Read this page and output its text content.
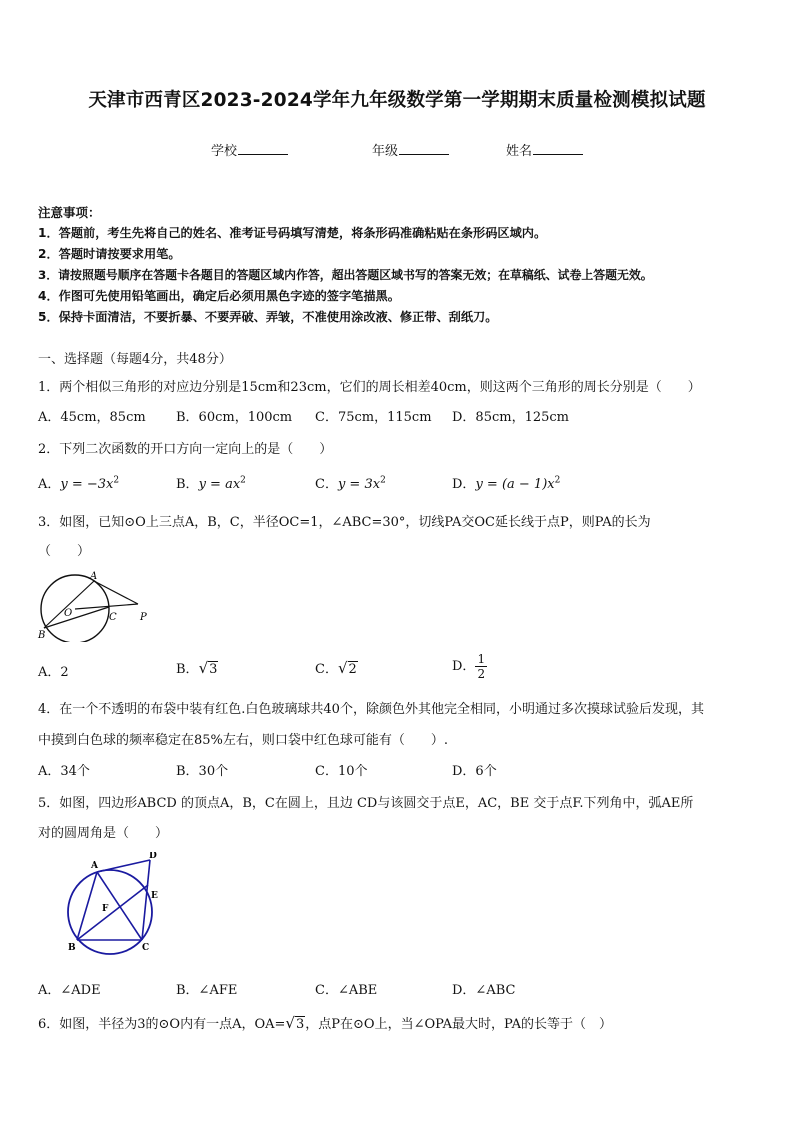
天津市西青区2023-2024学年九年级数学第一学期期末质量检测模拟试题
学校	年级	姓名
注意事项：
1．答题前，考生先将自己的姓名、准考证号码填写清楚，将条形码准确粘贴在条形码区域内。
2．答题时请按要求用笔。
3．请按照题号顺序在答题卡各题目的答题区域内作答，超出答题区域书写的答案无效；在草稿纸、试卷上答题无效。
4．作图可先使用铅笔画出，确定后必须用黑色字迹的签字笔描黑。
5．保持卡面清洁，不要折暴、不要弄破、弄皱，不准使用涂改液、修正带、刮纸刀。
一、选择题（每题4分，共48分）
1．两个相似三角形的对应边分别是15cm和23cm，它们的周长相差40cm，则这两个三角形的周长分别是（　　）
A．45cm，85cm B．60cm，100cm C．75cm，115cm D．85cm，125cm
2．下列二次函数的开口方向一定向上的是（　　）
A．$y = -3x^2$	B．$y = ax^2$	C．$y = 3x^2$	D．$y = (a - 1)x^2$
3．如图，已知⊙O上三点A，B，C，半径OC=1，∠ABC=30°，切线PA交OC延长线于点P，则PA的长为
（　　）
A
O	C P
B
A．2	B．√3	C．√2	D． $\frac{1}{2}$
4．在一个不透明的布袋中装有红色.白色玻璃球共40个，除颜色外其他完全相同，小明通过多次摸球试验后发现，其
中摸到白色球的频率稳定在85%左右，则口袋中红色球可能有（　　）.
A．34个	B．30个	C．10个	D．6个
5．如图，四边形ABCD 的顶点A，B，C在圆上，且边 CD与该圆交于点E，AC，BE 交于点F.下列角中，弧AE所
对的圆周角是（　　）
A
D
E
F
B	C
A．∠ADE	B．∠AFE	C．∠ABE	D．∠ABC
6．如图，半径为3的⊙O内有一点A，OA=√3，点P在⊙O上，当∠OPA最大时，PA的长等于（　）
